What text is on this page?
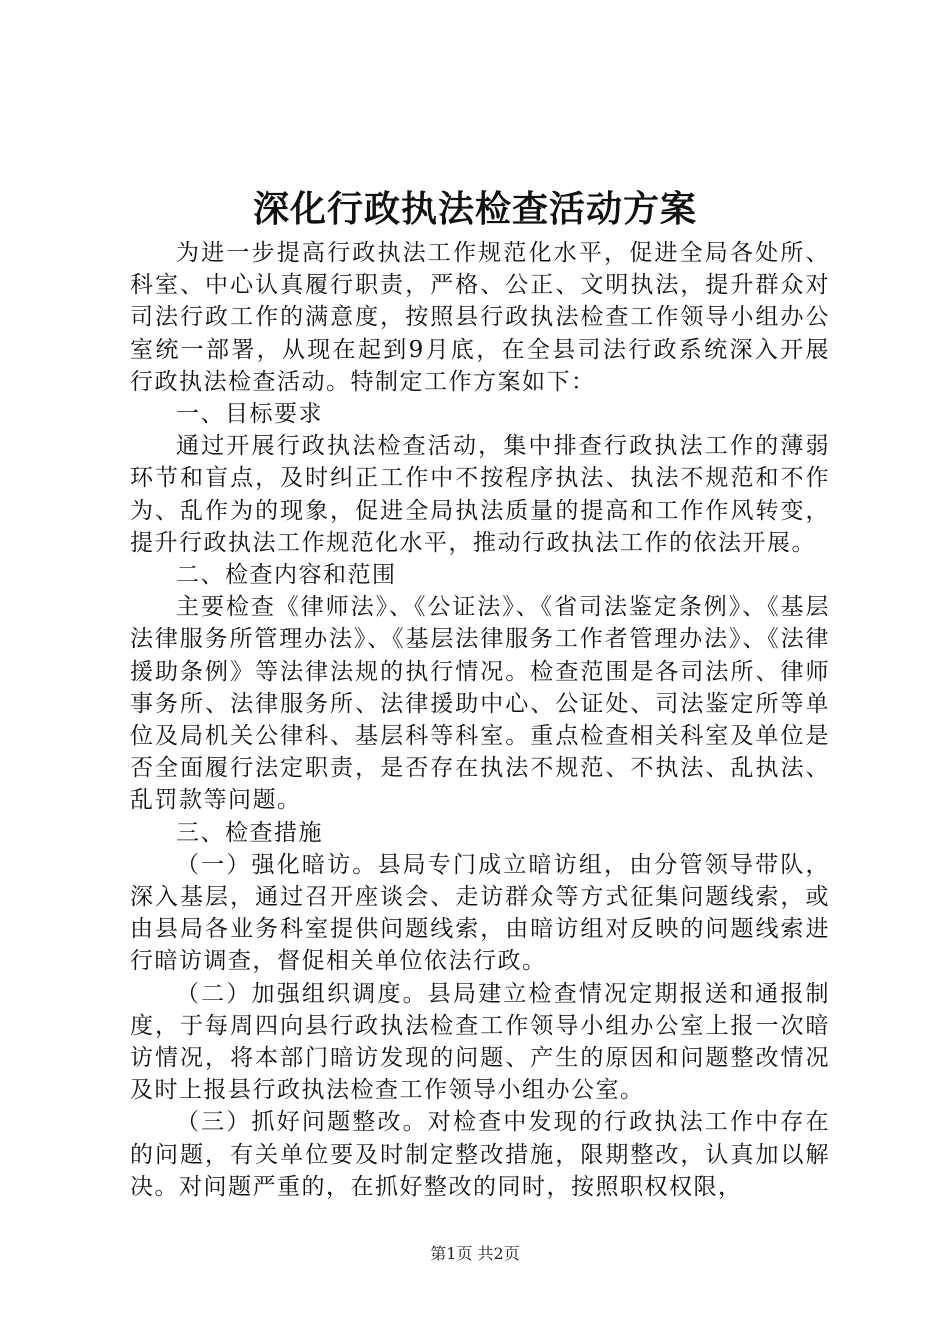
深化行政执法检查活动方案

为进一步提高行政执法工作规范化水平，促进全局各处所、科室、中心认真履行职责，严格、公正、文明执法，提升群众对司法行政工作的满意度，按照县行政执法检查工作领导小组办公室统一部署，从现在起到9月底，在全县司法行政系统深入开展行政执法检查活动。特制定工作方案如下：

一、目标要求

通过开展行政执法检查活动，集中排查行政执法工作的薄弱环节和盲点，及时纠正工作中不按程序执法、执法不规范和不作为、乱作为的现象，促进全局执法质量的提高和工作作风转变，提升行政执法工作规范化水平，推动行政执法工作的依法开展。

二、检查内容和范围

主要检查《律师法》、《公证法》、《省司法鉴定条例》、《基层法律服务所管理办法》、《基层法律服务工作者管理办法》、《法律援助条例》等法律法规的执行情况。检查范围是各司法所、律师事务所、法律服务所、法律援助中心、公证处、司法鉴定所等单位及局机关公律科、基层科等科室。重点检查相关科室及单位是否全面履行法定职责，是否存在执法不规范、不执法、乱执法、乱罚款等问题。

三、检查措施

（一）强化暗访。县局专门成立暗访组，由分管领导带队，深入基层，通过召开座谈会、走访群众等方式征集问题线索，或由县局各业务科室提供问题线索，由暗访组对反映的问题线索进行暗访调查，督促相关单位依法行政。

（二）加强组织调度。县局建立检查情况定期报送和通报制度，于每周四向县行政执法检查工作领导小组办公室上报一次暗访情况，将本部门暗访发现的问题、产生的原因和问题整改情况及时上报县行政执法检查工作领导小组办公室。

（三）抓好问题整改。对检查中发现的行政执法工作中存在的问题，有关单位要及时制定整改措施，限期整改，认真加以解决。对问题严重的，在抓好整改的同时，按照职权权限，

第1页 共2页
